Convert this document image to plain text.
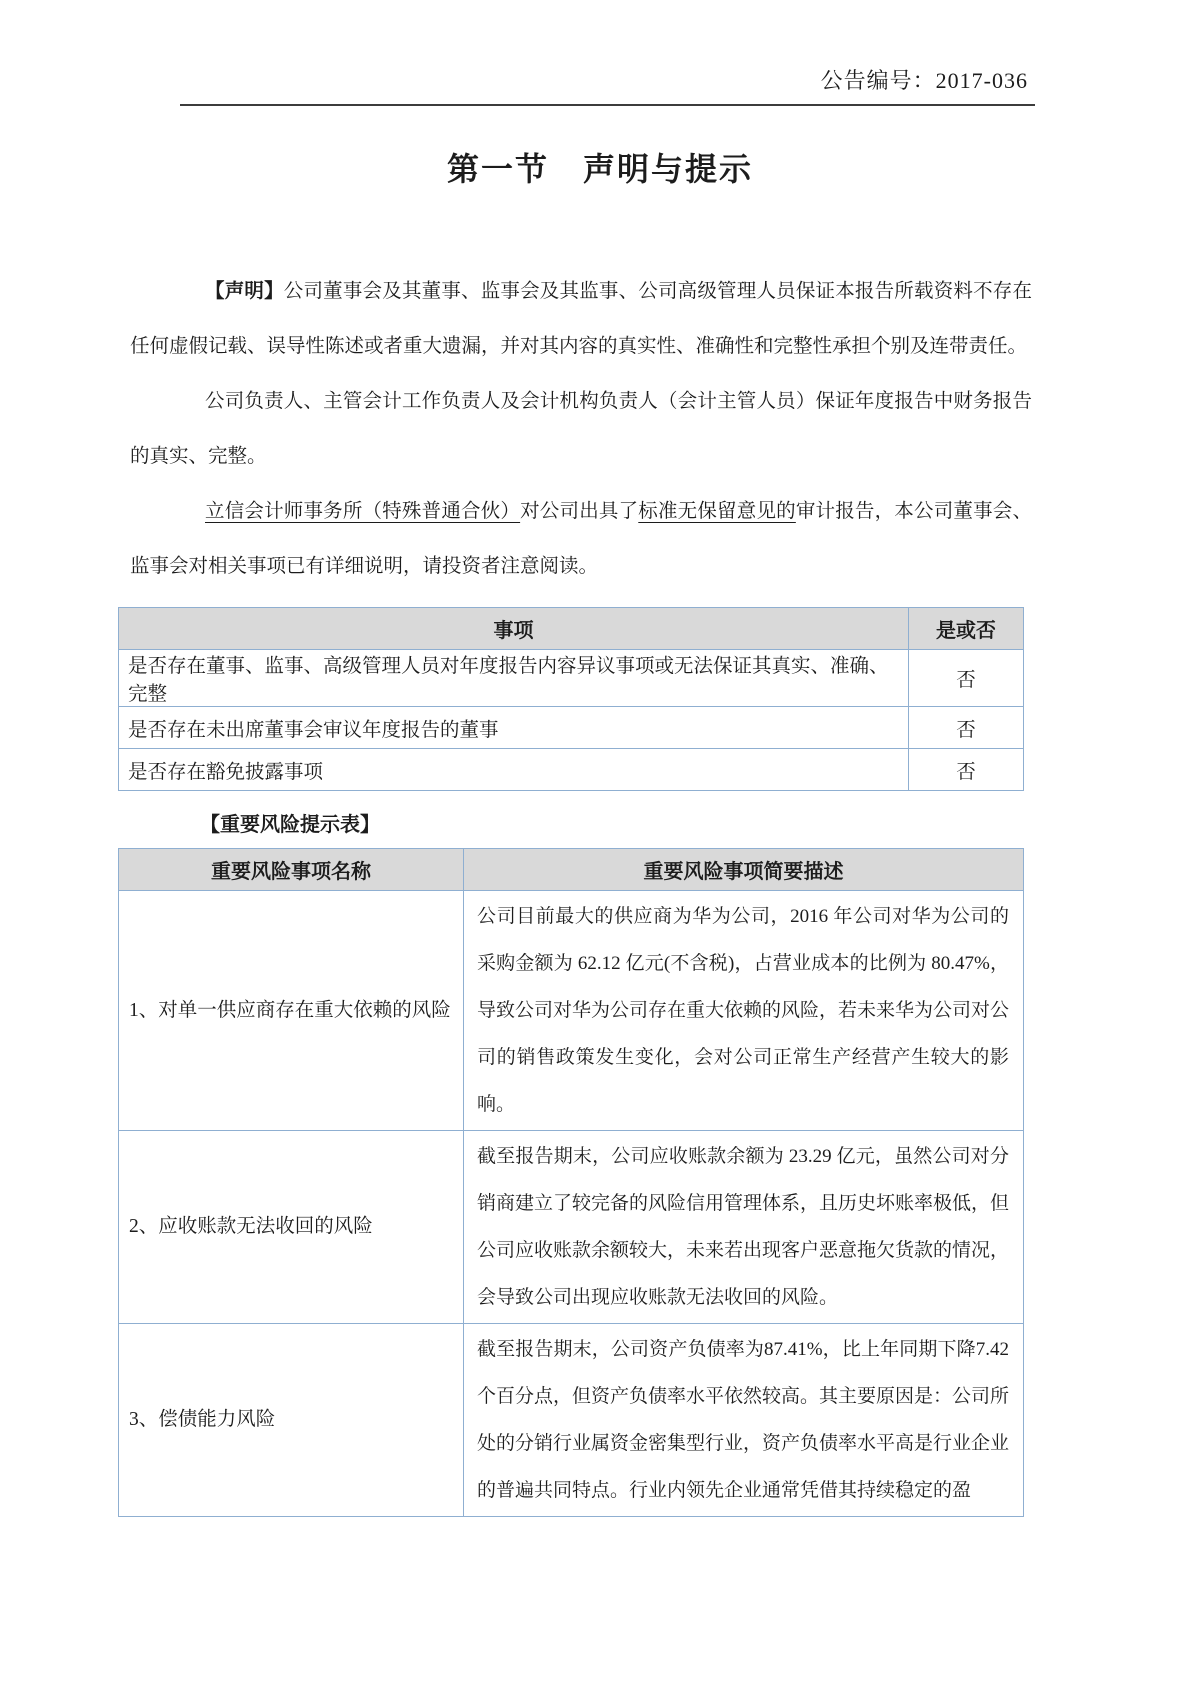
公告编号：2017-036
第一节　声明与提示

【声明】公司董事会及其董事、监事会及其监事、公司高级管理人员保证本报告所载资料不存在任何虚假记载、误导性陈述或者重大遗漏，并对其内容的真实性、准确性和完整性承担个别及连带责任。

公司负责人、主管会计工作负责人及会计机构负责人（会计主管人员）保证年度报告中财务报告的真实、完整。

立信会计师事务所（特殊普通合伙）对公司出具了标准无保留意见的审计报告，本公司董事会、监事会对相关事项已有详细说明，请投资者注意阅读。

事项	是或否
是否存在董事、监事、高级管理人员对年度报告内容异议事项或无法保证其真实、准确、完整	否
是否存在未出席董事会审议年度报告的董事	否
是否存在豁免披露事项	否
【重要风险提示表】
重要风险事项名称	重要风险事项简要描述
1、对单一供应商存在重大依赖的风险	公司目前最大的供应商为华为公司，2016 年公司对华为公司的采购金额为 62.12 亿元(不含税)，占营业成本的比例为 80.47%，导致公司对华为公司存在重大依赖的风险，若未来华为公司对公司的销售政策发生变化，会对公司正常生产经营产生较大的影响。
2、应收账款无法收回的风险	截至报告期末，公司应收账款余额为 23.29 亿元，虽然公司对分销商建立了较完备的风险信用管理体系，且历史坏账率极低，但公司应收账款余额较大，未来若出现客户恶意拖欠货款的情况，会导致公司出现应收账款无法收回的风险。
3、偿债能力风险	截至报告期末，公司资产负债率为87.41%，比上年同期下降7.42个百分点，但资产负债率水平依然较高。其主要原因是：公司所处的分销行业属资金密集型行业，资产负债率水平高是行业企业的普遍共同特点。行业内领先企业通常凭借其持续稳定的盈
